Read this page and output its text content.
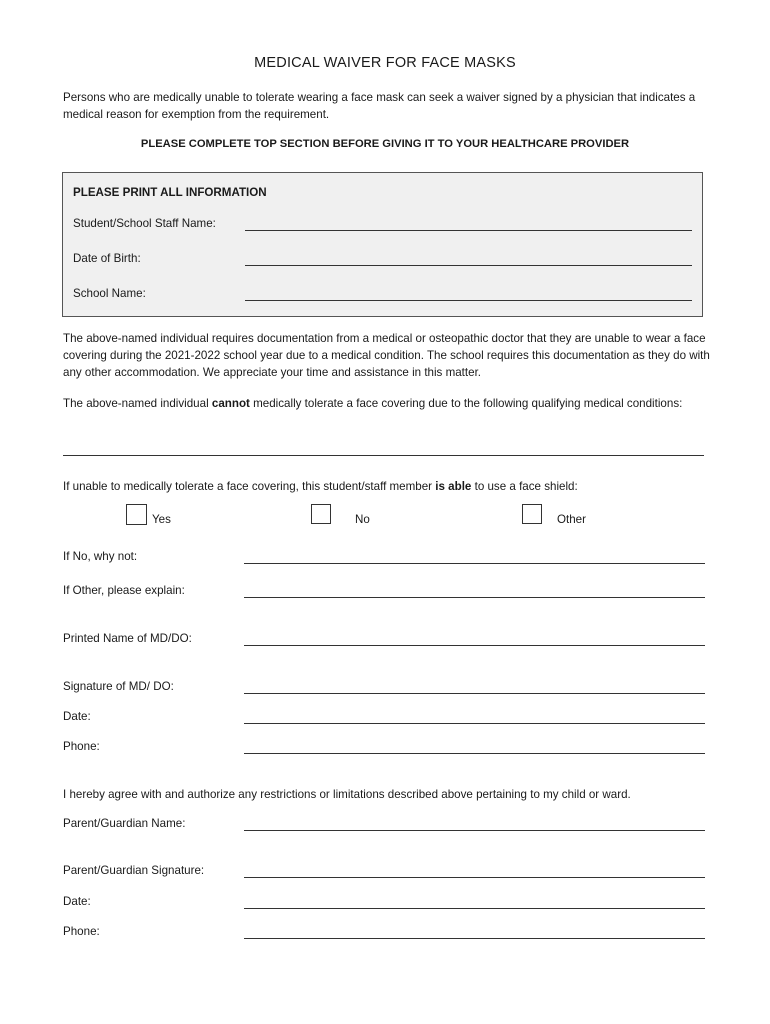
MEDICAL WAIVER FOR FACE MASKS
Persons who are medically unable to tolerate wearing a face mask can seek a waiver signed by a physician that indicates a medical reason for exemption from the requirement.
PLEASE COMPLETE TOP SECTION BEFORE GIVING IT TO YOUR HEALTHCARE PROVIDER
PLEASE PRINT ALL INFORMATION
Student/School Staff Name:
Date of Birth:
School Name:
The above-named individual requires documentation from a medical or osteopathic doctor that they are unable to wear a face covering during the 2021-2022 school year due to a medical condition. The school requires this documentation as they do with any other accommodation. We appreciate your time and assistance in this matter.
The above-named individual cannot medically tolerate a face covering due to the following qualifying medical conditions:
If unable to medically tolerate a face covering, this student/staff member is able to use a face shield:
Yes	No	Other
If No, why not:
If Other, please explain:
Printed Name of MD/DO:
Signature of MD/ DO:
Date:
Phone:
I hereby agree with and authorize any restrictions or limitations described above pertaining to my child or ward.
Parent/Guardian Name:
Parent/Guardian Signature:
Date:
Phone:
